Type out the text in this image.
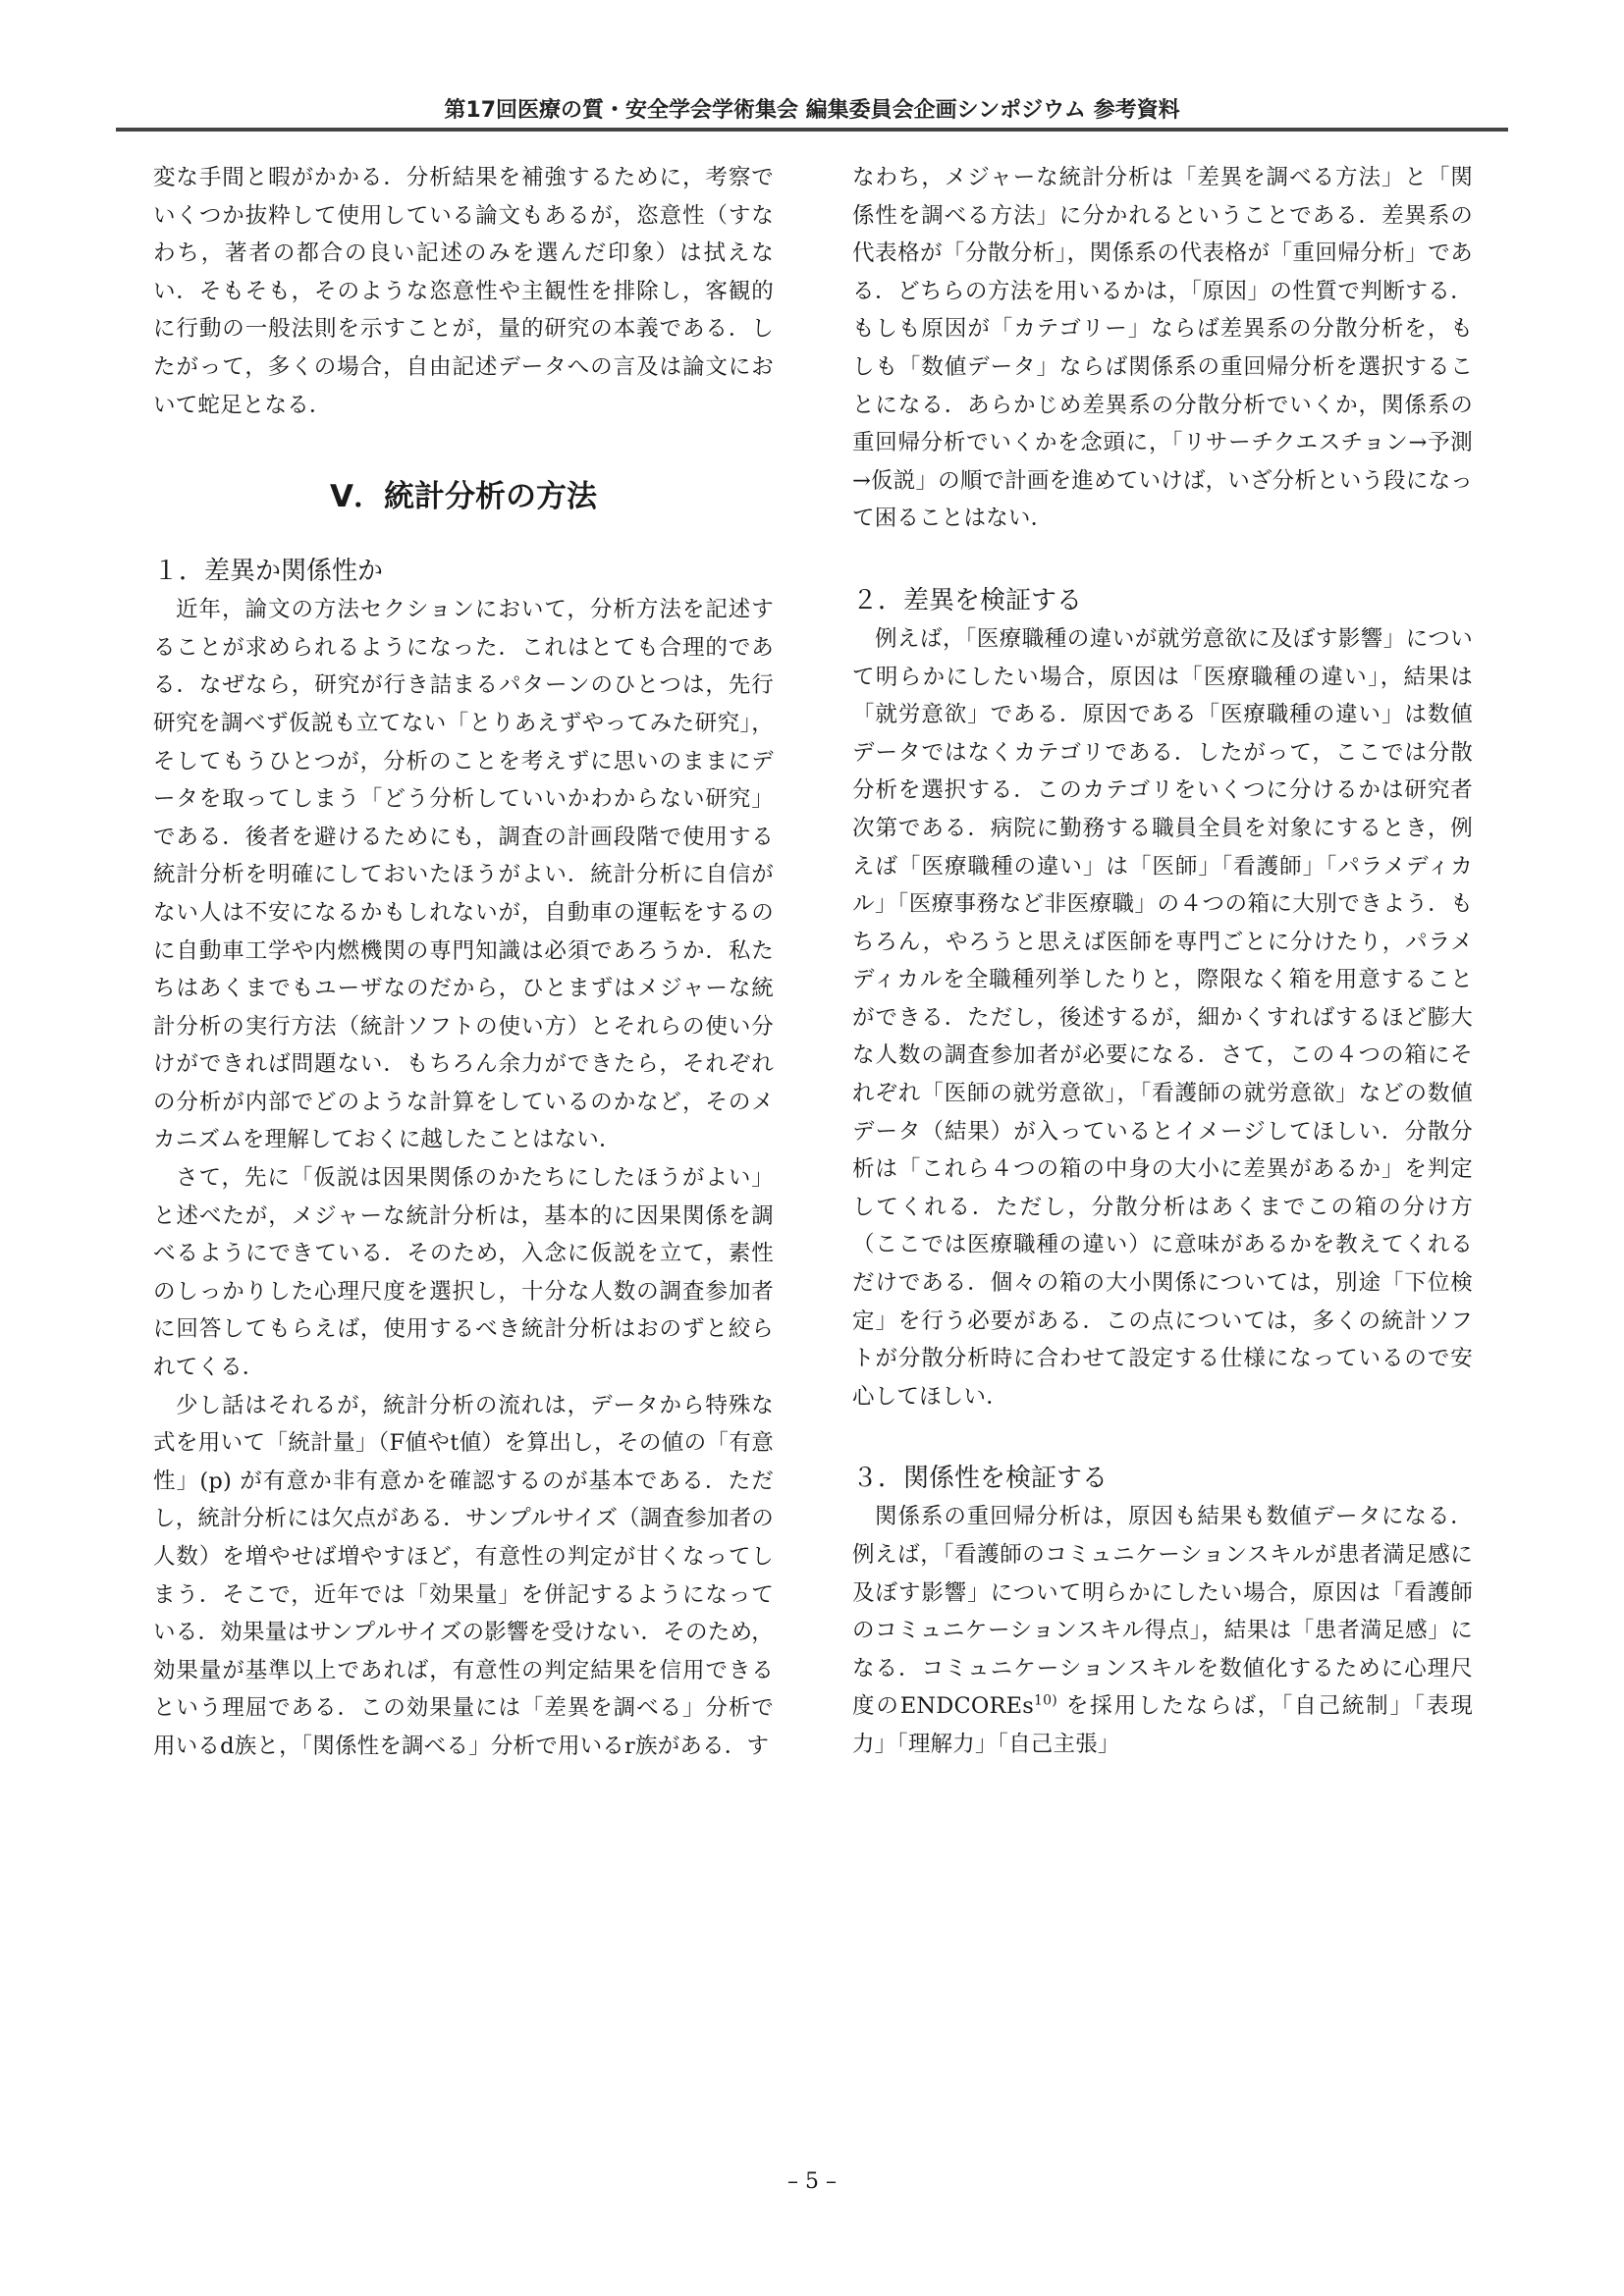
第17回医療の質・安全学会学術集会 編集委員会企画シンポジウム 参考資料

変な手間と暇がかかる．分析結果を補強するために，考察でいくつか抜粋して使用している論文もあるが，恣意性（すなわち，著者の都合の良い記述のみを選んだ印象）は拭えない．そもそも，そのような恣意性や主観性を排除し，客観的に行動の一般法則を示すことが，量的研究の本義である．したがって，多くの場合，自由記述データへの言及は論文において蛇足となる．

Ⅴ．統計分析の方法
１．差異か関係性か

近年，論文の方法セクションにおいて，分析方法を記述することが求められるようになった．これはとても合理的である．なぜなら，研究が行き詰まるパターンのひとつは，先行研究を調べず仮説も立てない「とりあえずやってみた研究」，そしてもうひとつが，分析のことを考えずに思いのままにデータを取ってしまう「どう分析していいかわからない研究」である．後者を避けるためにも，調査の計画段階で使用する統計分析を明確にしておいたほうがよい．統計分析に自信がない人は不安になるかもしれないが，自動車の運転をするのに自動車工学や内燃機関の専門知識は必須であろうか．私たちはあくまでもユーザなのだから，ひとまずはメジャーな統計分析の実行方法（統計ソフトの使い方）とそれらの使い分けができれば問題ない．もちろん余力ができたら，それぞれの分析が内部でどのような計算をしているのかなど，そのメカニズムを理解しておくに越したことはない．

さて，先に「仮説は因果関係のかたちにしたほうがよい」と述べたが，メジャーな統計分析は，基本的に因果関係を調べるようにできている．そのため，入念に仮説を立て，素性のしっかりした心理尺度を選択し，十分な人数の調査参加者に回答してもらえば，使用するべき統計分析はおのずと絞られてくる．

少し話はそれるが，統計分析の流れは，データから特殊な式を用いて「統計量」（F値やt値）を算出し，その値の「有意性」(p) が有意か非有意かを確認するのが基本である．ただし，統計分析には欠点がある．サンプルサイズ（調査参加者の人数）を増やせば増やすほど，有意性の判定が甘くなってしまう．そこで，近年では「効果量」を併記するようになっている．効果量はサンプルサイズの影響を受けない．そのため，効果量が基準以上であれば，有意性の判定結果を信用できるという理屈である．この効果量には「差異を調べる」分析で用いるd族と，「関係性を調べる」分析で用いるr族がある．す

なわち，メジャーな統計分析は「差異を調べる方法」と「関係性を調べる方法」に分かれるということである．差異系の代表格が「分散分析」，関係系の代表格が「重回帰分析」である．どちらの方法を用いるかは，「原因」の性質で判断する．もしも原因が「カテゴリー」ならば差異系の分散分析を，もしも「数値データ」ならば関係系の重回帰分析を選択することになる．あらかじめ差異系の分散分析でいくか，関係系の重回帰分析でいくかを念頭に，「リサーチクエスチョン→予測→仮説」の順で計画を進めていけば，いざ分析という段になって困ることはない．

２．差異を検証する

例えば，「医療職種の違いが就労意欲に及ぼす影響」について明らかにしたい場合，原因は「医療職種の違い」，結果は「就労意欲」である．原因である「医療職種の違い」は数値データではなくカテゴリである．したがって，ここでは分散分析を選択する．このカテゴリをいくつに分けるかは研究者次第である．病院に勤務する職員全員を対象にするとき，例えば「医療職種の違い」は「医師」「看護師」「パラメディカル」「医療事務など非医療職」の４つの箱に大別できよう．もちろん，やろうと思えば医師を専門ごとに分けたり，パラメディカルを全職種列挙したりと，際限なく箱を用意することができる．ただし，後述するが，細かくすればするほど膨大な人数の調査参加者が必要になる．さて，この４つの箱にそれぞれ「医師の就労意欲」，「看護師の就労意欲」などの数値データ（結果）が入っているとイメージしてほしい．分散分析は「これら４つの箱の中身の大小に差異があるか」を判定してくれる．ただし，分散分析はあくまでこの箱の分け方（ここでは医療職種の違い）に意味があるかを教えてくれるだけである．個々の箱の大小関係については，別途「下位検定」を行う必要がある．この点については，多くの統計ソフトが分散分析時に合わせて設定する仕様になっているので安心してほしい．

３．関係性を検証する

関係系の重回帰分析は，原因も結果も数値データになる．例えば，「看護師のコミュニケーションスキルが患者満足感に及ぼす影響」について明らかにしたい場合，原因は「看護師のコミュニケーションスキル得点」，結果は「患者満足感」になる．コミュニケーションスキルを数値化するために心理尺度のENDCOREs$^{10)}$ を採用したならば，「自己統制」「表現力」「理解力」「自己主張」

– 5 –
